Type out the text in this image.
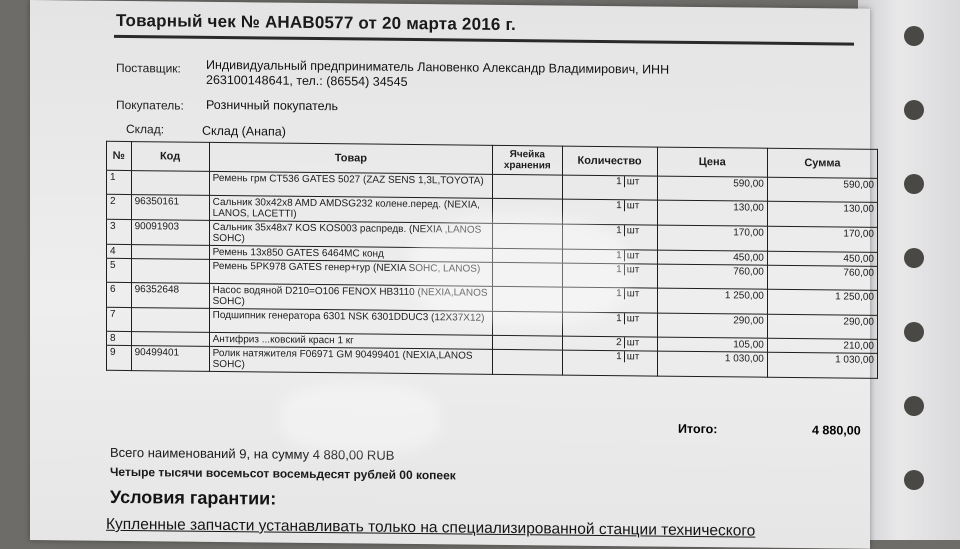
Товарный чек № АНАВ0577 от 20 марта 2016 г.
Поставщик: Индивидуальный предприниматель Лановенко Александр Владимирович, ИНН
263100148641, тел.: (86554) 34545
Покупатель: Розничный покупатель
Склад:	Склад (Анапа)
№	Код	Товар	Ячейка хранения	Количество	Цена	Сумма
1		Ремень грм CT536 GATES 5027 (ZAZ SENS 1,3L,TOYOTA)		1 шт	590,00	590,00
2	96350161	Сальник 30x42x8 AMD AMDSG232 колене.перед. (NEXIA, LANOS, LACETTI)		1 шт	130,00	130,00
3	90091903	Сальник 35x48x7 KOS KOS003 распредв. (NEXIA ,LANOS SOHC)		1 шт	170,00	170,00
4		Ремень 13x850 GATES 6464MC конд		1 шт	450,00	450,00
5		Ремень 5PK978 GATES генер+гур (NEXIA SOHC, LANOS)		1 шт	760,00	760,00
6	96352648	Насос водяной D210=O106 FENOX HB3110 (NEXIA,LANOS SOHC)		1 шт	1 250,00	1 250,00
7		Подшипник генератора 6301 NSK 6301DDUC3 (12X37X12)		1 шт	290,00	290,00
8		Антифриз ...ковский красн 1 кг		2 шт	105,00	210,00
9	90499401	Ролик натяжителя F06971 GM 90499401 (NEXIA,LANOS SOHC)		1 шт	1 030,00	1 030,00
Итого:	4 880,00
Всего наименований 9, на сумму 4 880,00 RUB
Четыре тысячи восемьсот восемьдесят рублей 00 копеек
Условия гарантии:
Купленные запчасти устанавливать только на специализированной станции технического
